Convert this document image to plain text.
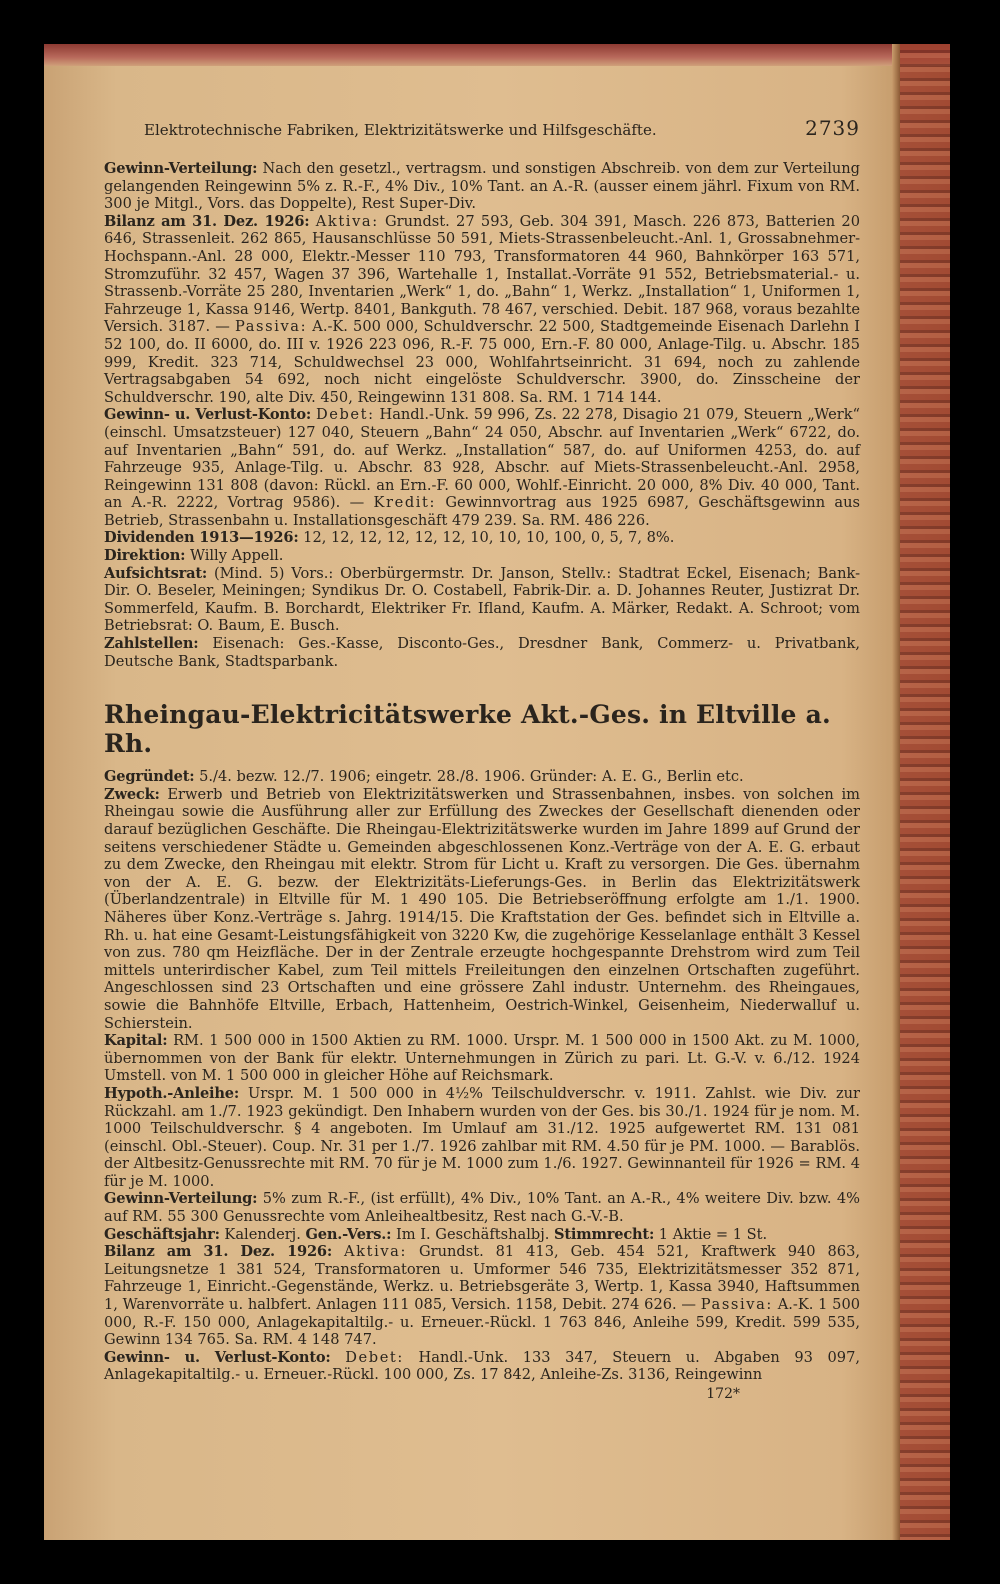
Elektrotechnische Fabriken, Elektrizitätswerke und Hilfsgeschäfte.	2739

Gewinn-Verteilung: Nach den gesetzl., vertragsm. und sonstigen Abschreib. von dem zur Verteilung gelangenden Reingewinn 5% z. R.-F., 4% Div., 10% Tant. an A.-R. (ausser einem jährl. Fixum von RM. 300 je Mitgl., Vors. das Doppelte), Rest Super-Div.

Bilanz am 31. Dez. 1926: Aktiva: Grundst. 27 593, Geb. 304 391, Masch. 226 873, Batterien 20 646, Strassenleit. 262 865, Hausanschlüsse 50 591, Miets-Strassenbeleucht.-Anl. 1, Grossabnehmer-Hochspann.-Anl. 28 000, Elektr.-Messer 110 793, Transformatoren 44 960, Bahnkörper 163 571, Stromzuführ. 32 457, Wagen 37 396, Wartehalle 1, Installat.-Vorräte 91 552, Betriebsmaterial.- u. Strassenb.-Vorräte 25 280, Inventarien „Werk“ 1, do. „Bahn“ 1, Werkz. „Installation“ 1, Uniformen 1, Fahrzeuge 1, Kassa 9146, Wertp. 8401, Bankguth. 78 467, verschied. Debit. 187 968, voraus bezahlte Versich. 3187. — Passiva: A.-K. 500 000, Schuldverschr. 22 500, Stadtgemeinde Eisenach Darlehn I 52 100, do. II 6000, do. III v. 1926 223 096, R.-F. 75 000, Ern.-F. 80 000, Anlage-Tilg. u. Abschr. 185 999, Kredit. 323 714, Schuldwechsel 23 000, Wohlfahrtseinricht. 31 694, noch zu zahlende Vertragsabgaben 54 692, noch nicht eingelöste Schuldverschr. 3900, do. Zinsscheine der Schuldverschr. 190, alte Div. 450, Reingewinn 131 808. Sa. RM. 1 714 144.

Gewinn- u. Verlust-Konto: Debet: Handl.-Unk. 59 996, Zs. 22 278, Disagio 21 079, Steuern „Werk“ (einschl. Umsatzsteuer) 127 040, Steuern „Bahn“ 24 050, Abschr. auf Inventarien „Werk“ 6722, do. auf Inventarien „Bahn“ 591, do. auf Werkz. „Installation“ 587, do. auf Uniformen 4253, do. auf Fahrzeuge 935, Anlage-Tilg. u. Abschr. 83 928, Abschr. auf Miets-Strassenbeleucht.-Anl. 2958, Reingewinn 131 808 (davon: Rückl. an Ern.-F. 60 000, Wohlf.-Einricht. 20 000, 8% Div. 40 000, Tant. an A.-R. 2222, Vortrag 9586). — Kredit: Gewinnvortrag aus 1925 6987, Geschäftsgewinn aus Betrieb, Strassenbahn u. Installationsgeschäft 479 239. Sa. RM. 486 226.

Dividenden 1913—1926: 12, 12, 12, 12, 12, 12, 10, 10, 10, 100, 0, 5, 7, 8%.

Direktion: Willy Appell.

Aufsichtsrat: (Mind. 5) Vors.: Oberbürgermstr. Dr. Janson, Stellv.: Stadtrat Eckel, Eisenach; Bank-Dir. O. Beseler, Meiningen; Syndikus Dr. O. Costabell, Fabrik-Dir. a. D. Johannes Reuter, Justizrat Dr. Sommerfeld, Kaufm. B. Borchardt, Elektriker Fr. Ifland, Kaufm. A. Märker, Redakt. A. Schroot; vom Betriebsrat: O. Baum, E. Busch.

Zahlstellen: Eisenach: Ges.-Kasse, Disconto-Ges., Dresdner Bank, Commerz- u. Privatbank, Deutsche Bank, Stadtsparbank.

Rheingau-Elektricitätswerke Akt.-Ges. in Eltville a. Rh.

Gegründet: 5./4. bezw. 12./7. 1906; eingetr. 28./8. 1906. Gründer: A. E. G., Berlin etc.

Zweck: Erwerb und Betrieb von Elektrizitätswerken und Strassenbahnen, insbes. von solchen im Rheingau sowie die Ausführung aller zur Erfüllung des Zweckes der Gesellschaft dienenden oder darauf bezüglichen Geschäfte. Die Rheingau-Elektrizitätswerke wurden im Jahre 1899 auf Grund der seitens verschiedener Städte u. Gemeinden abgeschlossenen Konz.-Verträge von der A. E. G. erbaut zu dem Zwecke, den Rheingau mit elektr. Strom für Licht u. Kraft zu versorgen. Die Ges. übernahm von der A. E. G. bezw. der Elektrizitäts-Lieferungs-Ges. in Berlin das Elektrizitätswerk (Überlandzentrale) in Eltville für M. 1 490 105. Die Betriebseröffnung erfolgte am 1./1. 1900. Näheres über Konz.-Verträge s. Jahrg. 1914/15. Die Kraftstation der Ges. befindet sich in Eltville a. Rh. u. hat eine Gesamt-Leistungsfähigkeit von 3220 Kw, die zugehörige Kesselanlage enthält 3 Kessel von zus. 780 qm Heizfläche. Der in der Zentrale erzeugte hochgespannte Drehstrom wird zum Teil mittels unterirdischer Kabel, zum Teil mittels Freileitungen den einzelnen Ortschaften zugeführt. Angeschlossen sind 23 Ortschaften und eine grössere Zahl industr. Unternehm. des Rheingaues, sowie die Bahnhöfe Eltville, Erbach, Hattenheim, Oestrich-Winkel, Geisenheim, Niederwalluf u. Schierstein.

Kapital: RM. 1 500 000 in 1500 Aktien zu RM. 1000. Urspr. M. 1 500 000 in 1500 Akt. zu M. 1000, übernommen von der Bank für elektr. Unternehmungen in Zürich zu pari. Lt. G.-V. v. 6./12. 1924 Umstell. von M. 1 500 000 in gleicher Höhe auf Reichsmark.

Hypoth.-Anleihe: Urspr. M. 1 500 000 in 4½% Teilschuldverschr. v. 1911. Zahlst. wie Div. zur Rückzahl. am 1./7. 1923 gekündigt. Den Inhabern wurden von der Ges. bis 30./1. 1924 für je nom. M. 1000 Teilschuldverschr. § 4 angeboten. Im Umlauf am 31./12. 1925 aufgewertet RM. 131 081 (einschl. Obl.-Steuer). Coup. Nr. 31 per 1./7. 1926 zahlbar mit RM. 4.50 für je PM. 1000. — Barablös. der Altbesitz-Genussrechte mit RM. 70 für je M. 1000 zum 1./6. 1927. Gewinnanteil für 1926 = RM. 4 für je M. 1000.

Gewinn-Verteilung: 5% zum R.-F., (ist erfüllt), 4% Div., 10% Tant. an A.-R., 4% weitere Div. bzw. 4% auf RM. 55 300 Genussrechte vom Anleihealtbesitz, Rest nach G.-V.-B.

Geschäftsjahr: Kalenderj. Gen.-Vers.: Im I. Geschäftshalbj. Stimmrecht: 1 Aktie = 1 St.

Bilanz am 31. Dez. 1926: Aktiva: Grundst. 81 413, Geb. 454 521, Kraftwerk 940 863, Leitungsnetze 1 381 524, Transformatoren u. Umformer 546 735, Elektrizitätsmesser 352 871, Fahrzeuge 1, Einricht.-Gegenstände, Werkz. u. Betriebsgeräte 3, Wertp. 1, Kassa 3940, Haftsummen 1, Warenvorräte u. halbfert. Anlagen 111 085, Versich. 1158, Debit. 274 626. — Passiva: A.-K. 1 500 000, R.-F. 150 000, Anlagekapitaltilg.- u. Erneuer.-Rückl. 1 763 846, Anleihe 599, Kredit. 599 535, Gewinn 134 765. Sa. RM. 4 148 747.

Gewinn- u. Verlust-Konto: Debet: Handl.-Unk. 133 347, Steuern u. Abgaben 93 097, Anlagekapitaltilg.- u. Erneuer.-Rückl. 100 000, Zs. 17 842, Anleihe-Zs. 3136, Reingewinn

172*
